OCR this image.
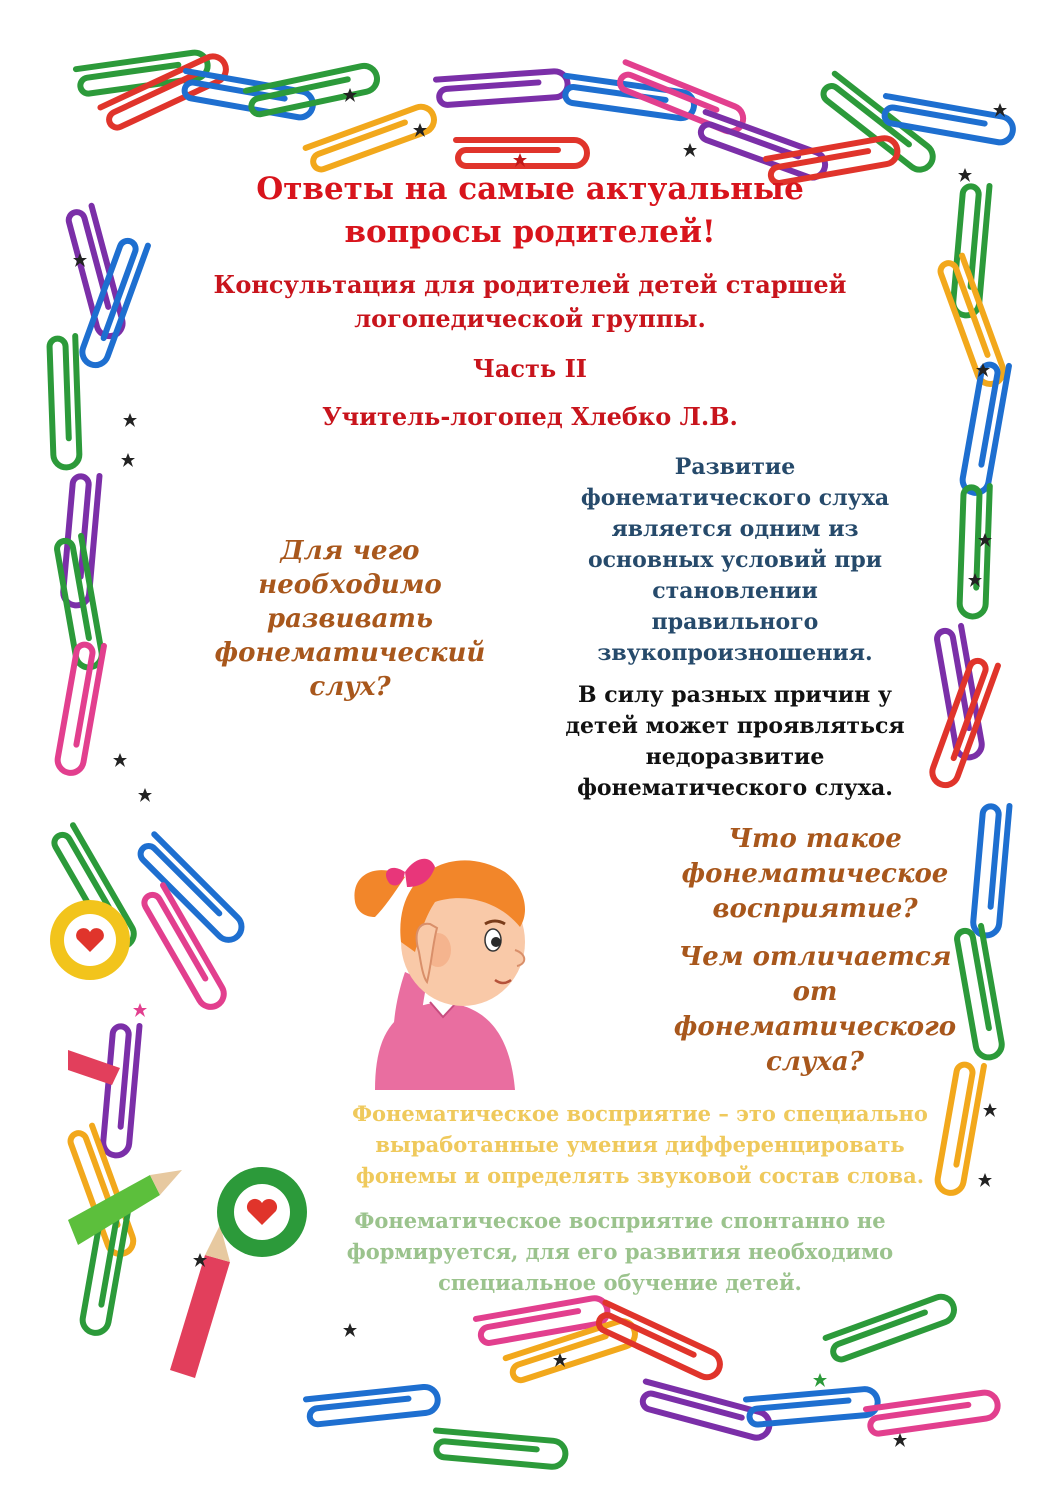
Ответы на самые актуальные
вопросы родителей!
Консультация для родителей детей старшей
логопедической группы.
Часть II
Учитель-логопед Хлебко Л.В.
Для чего
необходимо
развивать
фонематический
слух?
Развитие
фонематического слуха
является одним из
основных условий при
становлении
правильного
звукопроизношения.
В силу разных причин у
детей может проявляться
недоразвитие
фонематического слуха.
Что такое
фонематическое
восприятие?
Чем отличается
от
фонематического
слуха?
Фонематическое восприятие – это специально
выработанные умения дифференцировать
фонемы и определять звуковой состав слова.
Фонематическое восприятие спонтанно не
формируется, для его развития необходимо
специальное обучение детей.
